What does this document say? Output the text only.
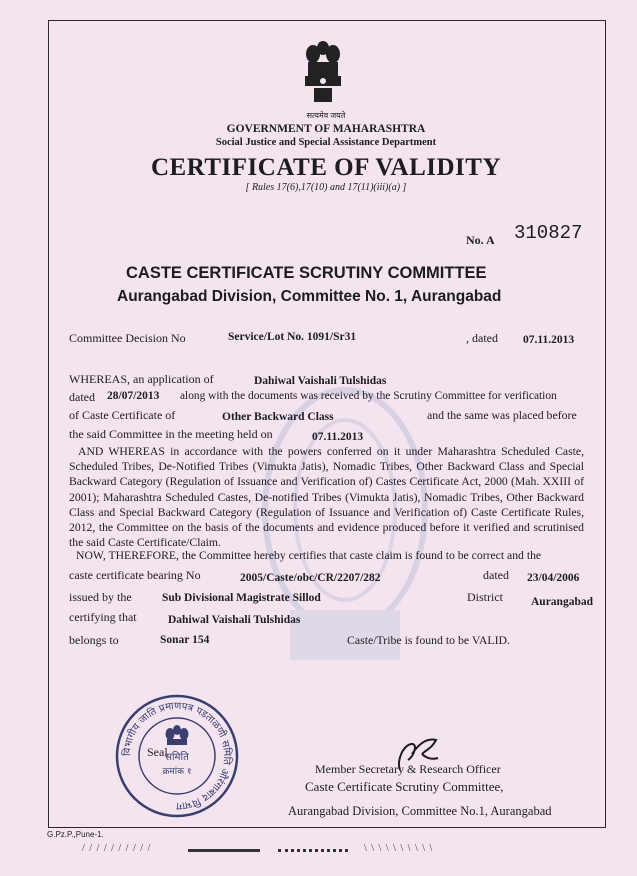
सत्यमेव जयते
GOVERNMENT OF MAHARASHTRA
Social Justice and Special Assistance Department
CERTIFICATE OF VALIDITY
[ Rules 17(6),17(10) and 17(11)(iii)(a) ]
No. A 310827
CASTE CERTIFICATE SCRUTINY COMMITTEE
Aurangabad Division, Committee No. 1, Aurangabad
Committee Decision No	Service/Lot No. 1091/Sr31	, dated 07.11.2013
WHEREAS, an application of	Dahiwal Vaishali Tulshidas
dated 28/07/2013 along with the documents was received by the Scrutiny Committee for verification
of Caste Certificate of	Other Backward Class	and the same was placed before
the said Committee in the meeting held on	07.11.2013
AND WHEREAS in accordance with the powers conferred on it under Maharashtra Scheduled Caste, Scheduled Tribes, De-Notified Tribes (Vimukta Jatis), Nomadic Tribes, Other Backward Class and Special Backward Category (Regulation of Issuance and Verification of) Castes Certificate Act, 2000 (Mah. XXIII of 2001); Maharashtra Scheduled Castes, De-notified Tribes (Vimukta Jatis), Nomadic Tribes, Other Backward Class and Special Backward Category (Regulation of Issuance and Verification of) Caste Certificate Rules, 2012, the Committee on the basis of the documents and evidence produced before it verified and scrutinised the said Caste Certificate/Claim.
NOW, THEREFORE, the Committee hereby certifies that caste claim is found to be correct and the
caste certificate bearing No	2005/Caste/obc/CR/2207/282	dated 23/04/2006
issued by the	Sub Divisional Magistrate Sillod	District Aurangabad
certifying that	Dahiwal Vaishali Tulshidas
belongs to	Sonar 154	Caste/Tribe is found to be VALID.
विभागीय जाति प्रमाणपत्र पडताळणी समिति औरंगाबाद विभाग
समिति
क्रमांक १
Seal
Member Secretary & Research Officer
Caste Certificate Scrutiny Committee,
Aurangabad Division, Committee No.1, Aurangabad
G.Pz.P.,Pune-1.
/ / / / / / / / / /	\ \ \ \ \ \ \ \ \ \
